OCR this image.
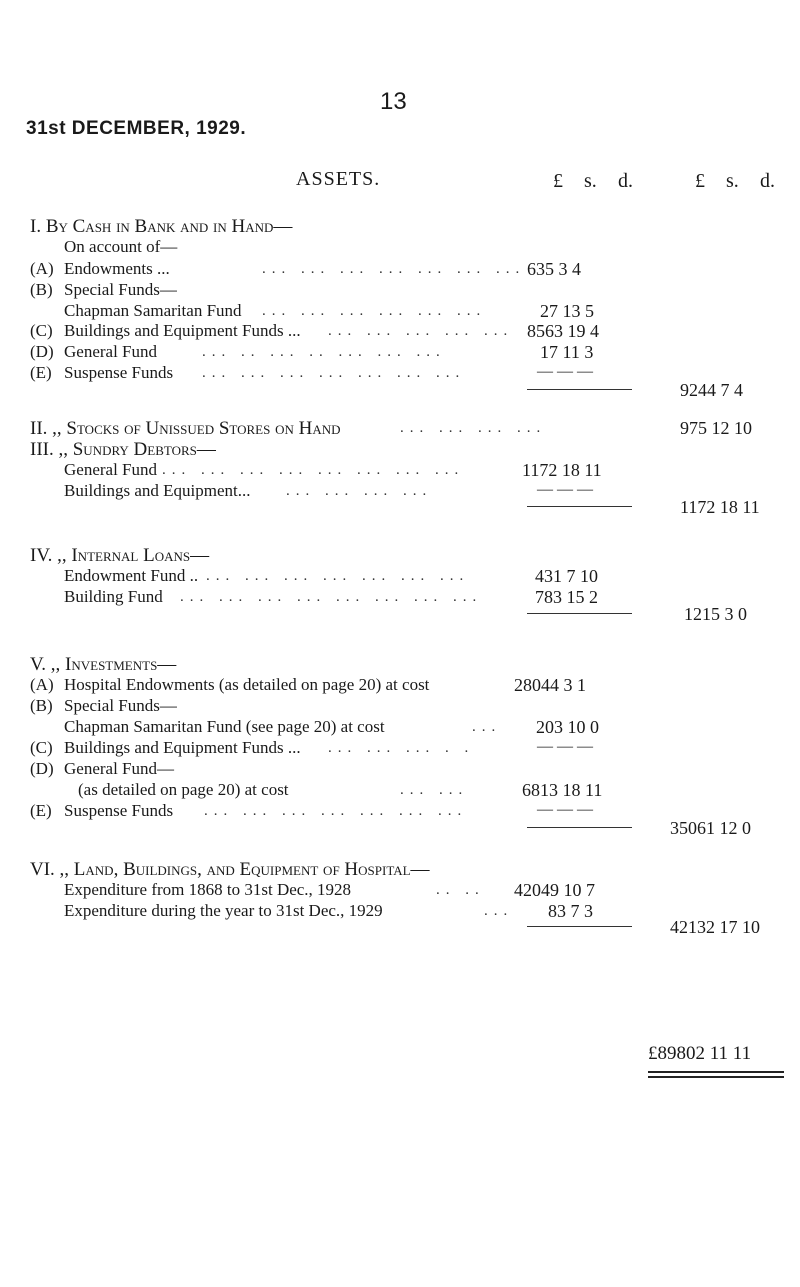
13
31st DECEMBER, 1929.
ASSETS.	£ s. d.	£ s. d.
I. By Cash in Bank and in Hand—
On account of—
(A) Endowments ...	... ... ... ... ... ... ... 635 3 4
(B) Special Funds—
Chapman Samaritan Fund ... ... ... ... ... ...	27 13 5
(C) Buildings and Equipment Funds ... ... ... ... ... ... 8563 19 4
(D) General Fund	... .. ... .. ... ... ...	17 11 3
(E) Suspense Funds ... ... ... ... ... ... ...	— — —
9244 7 4
II. ,, Stocks of Unissued Stores on Hand	... ... ... ...	975 12 10
III. ,, Sundry Debtors—
General Fund ... ... ... ... ... ... ... ...	1172 18 11
Buildings and Equipment... ... ... ... ...	— — —
1172 18 11
IV. ,, Internal Loans—
Endowment Fund .. ... ... ... ... ... ... ...	431 7 10
Building Fund ... ... ... ... ... ... ... ...	783 15 2
1215 3 0
V. ,, Investments—
(A) Hospital Endowments (as detailed on page 20) at cost	28044 3 1
(B) Special Funds—
Chapman Samaritan Fund (see page 20) at cost	... 203 10 0
(C) Buildings and Equipment Funds ... ... ... ... . .	— — —
(D) General Fund—
(as detailed on page 20) at cost	... ...	6813 18 11
(E) Suspense Funds ... ... ... ... ... ... ...	— — —
35061 12 0
VI. ,, Land, Buildings, and Equipment of Hospital—
Expenditure from 1868 to 31st Dec., 1928	.. .. 42049 10 7
Expenditure during the year to 31st Dec., 1929	... 83 7 3
42132 17 10
£89802 11 11
